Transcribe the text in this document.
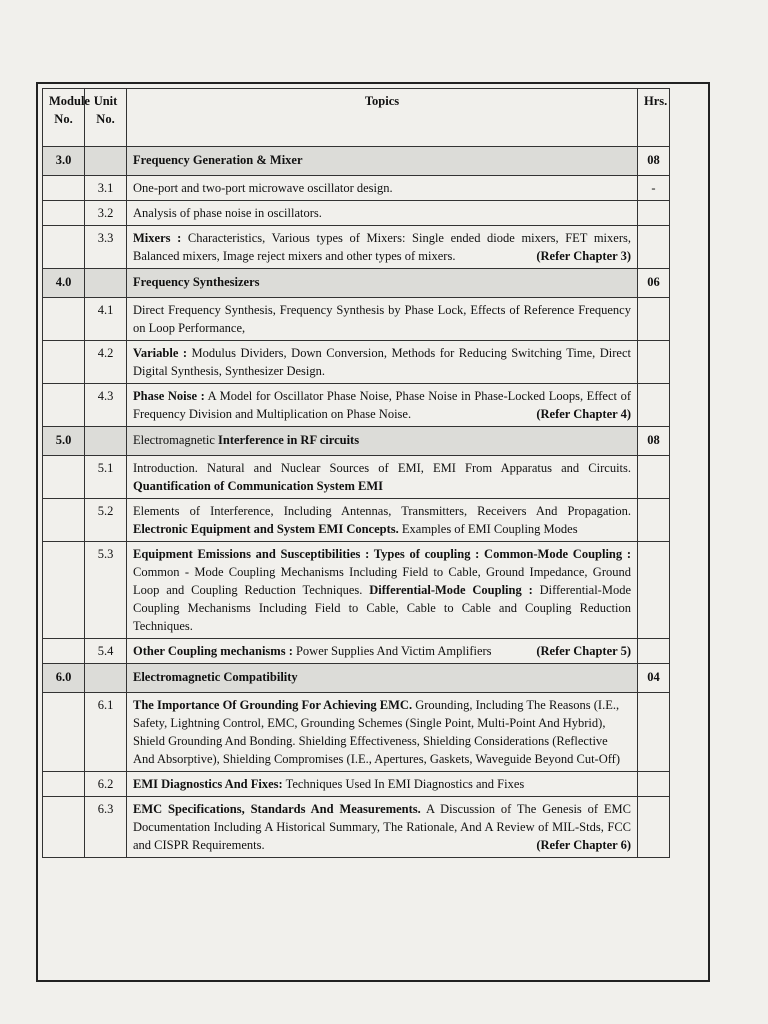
Module No.	Unit No.	Topics	Hrs.
3.0		Frequency Generation & Mixer	08
	3.1	One-port and two-port microwave oscillator design.	-
	3.2	Analysis of phase noise in oscillators.	
	3.3	Mixers : Characteristics, Various types of Mixers: Single ended diode mixers, FET mixers, Balanced mixers, Image reject mixers and other types of mixers. (Refer Chapter 3)	

4.0		Frequency Synthesizers	06
	4.1	Direct Frequency Synthesis, Frequency Synthesis by Phase Lock, Effects of Reference Frequency on Loop Performance,	
	4.2	Variable : Modulus Dividers, Down Conversion, Methods for Reducing Switching Time, Direct Digital Synthesis, Synthesizer Design.	
	4.3	Phase Noise : A Model for Oscillator Phase Noise, Phase Noise in Phase-Locked Loops, Effect of Frequency Division and Multiplication on Phase Noise. (Refer Chapter 4)	

5.0		Electromagnetic Interference in RF circuits	08
	5.1	Introduction. Natural and Nuclear Sources of EMI, EMI From Apparatus and Circuits. Quantification of Communication System EMI	
	5.2	Elements of Interference, Including Antennas, Transmitters, Receivers And Propagation. Electronic Equipment and System EMI Concepts. Examples of EMI Coupling Modes	
	5.3	Equipment Emissions and Susceptibilities : Types of coupling : Common-Mode Coupling : Common - Mode Coupling Mechanisms Including Field to Cable, Ground Impedance, Ground Loop and Coupling Reduction Techniques. Differential-Mode Coupling : Differential-Mode Coupling Mechanisms Including Field to Cable, Cable to Cable and Coupling Reduction Techniques.	
	5.4	Other Coupling mechanisms : Power Supplies And Victim Amplifiers (Refer Chapter 5)	

6.0		Electromagnetic Compatibility	04
	6.1	The Importance Of Grounding For Achieving EMC. Grounding, Including The Reasons (I.E., Safety, Lightning Control, EMC, Grounding Schemes (Single Point, Multi-Point And Hybrid), Shield Grounding And Bonding. Shielding Effectiveness, Shielding Considerations (Reflective And Absorptive), Shielding Compromises (I.E., Apertures, Gaskets, Waveguide Beyond Cut-Off)	
	6.2	EMI Diagnostics And Fixes: Techniques Used In EMI Diagnostics and Fixes	
	6.3	EMC Specifications, Standards And Measurements. A Discussion of The Genesis of EMC Documentation Including A Historical Summary, The Rationale, And A Review of MIL-Stds, FCC and CISPR Requirements. (Refer Chapter 6)	
